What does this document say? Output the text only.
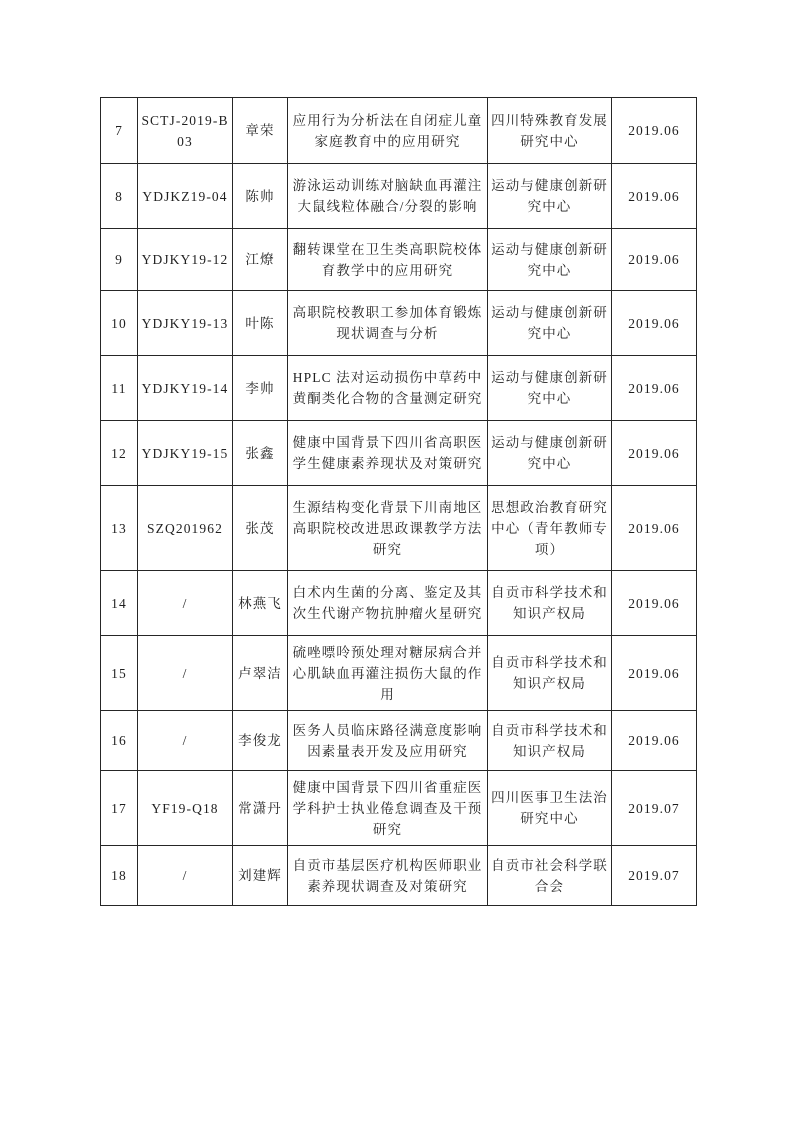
7	SCTJ-2019-B03	章荣	应用行为分析法在自闭症儿童家庭教育中的应用研究	四川特殊教育发展研究中心	2019.06
8	YDJKZ19-04	陈帅	游泳运动训练对脑缺血再灌注大鼠线粒体融合/分裂的影响	运动与健康创新研究中心	2019.06
9	YDJKY19-12	江燎	翻转课堂在卫生类高职院校体育教学中的应用研究	运动与健康创新研究中心	2019.06
10	YDJKY19-13	叶陈	高职院校教职工参加体育锻炼现状调查与分析	运动与健康创新研究中心	2019.06
11	YDJKY19-14	李帅	HPLC 法对运动损伤中草药中黄酮类化合物的含量测定研究	运动与健康创新研究中心	2019.06
12	YDJKY19-15	张鑫	健康中国背景下四川省高职医学生健康素养现状及对策研究	运动与健康创新研究中心	2019.06
13	SZQ201962	张茂	生源结构变化背景下川南地区高职院校改进思政课教学方法研究	思想政治教育研究中心（青年教师专项）	2019.06
14	/	林燕飞	白术内生菌的分离、鉴定及其次生代谢产物抗肿瘤火星研究	自贡市科学技术和知识产权局	2019.06
15	/	卢翠洁	硫唑嘌呤预处理对糖尿病合并心肌缺血再灌注损伤大鼠的作用	自贡市科学技术和知识产权局	2019.06
16	/	李俊龙	医务人员临床路径满意度影响因素量表开发及应用研究	自贡市科学技术和知识产权局	2019.06
17	YF19-Q18	常潇丹	健康中国背景下四川省重症医学科护士执业倦怠调查及干预研究	四川医事卫生法治研究中心	2019.07
18	/	刘建辉	自贡市基层医疗机构医师职业素养现状调查及对策研究	自贡市社会科学联合会	2019.07
